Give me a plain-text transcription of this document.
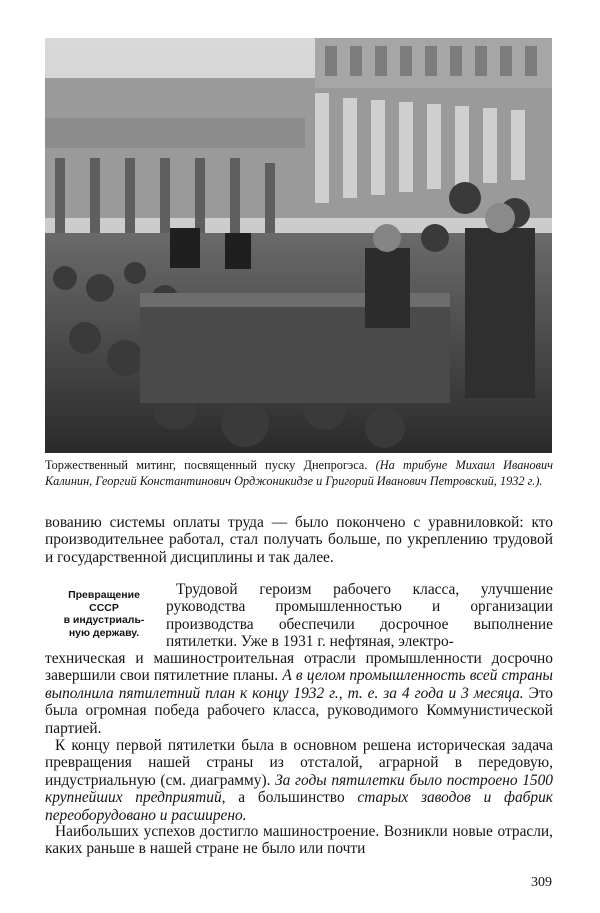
Торжественный митинг, посвященный пуску Днепрогэса. (На трибуне Михаил Иванович Калинин, Георгий Константинович Орджоникидзе и Григорий Иванович Петровский, 1932 г.).

вованию системы оплаты труда — было покончено с уравниловкой: кто производительнее работал, стал получать больше, по укреплению трудовой и государственной дисциплины и так далее.

Превращение
СССР
в индустриаль-
ную державу.

Трудовой героизм рабочего класса, улучшение руководства промышленностью и организации производства обеспечили досрочное выполнение пятилетки. Уже в 1931 г. нефтяная, электро-

техническая и машиностроительная отрасли промышленности досрочно завершили свои пятилетние планы. А в целом промышленность всей страны выполнила пятилетний план к концу 1932 г., т. е. за 4 года и 3 месяца. Это была огромная победа рабочего класса, руководимого Коммунистической партией.

К концу первой пятилетки была в основном решена историческая задача превращения нашей страны из отсталой, аграрной в передовую, индустриальную (см. диаграмму). За годы пятилетки было построено 1500 крупнейших предприятий, а большинство старых заводов и фабрик переоборудовано и расширено.

Наибольших успехов достигло машиностроение. Возникли новые отрасли, каких раньше в нашей стране не было или почти

309
